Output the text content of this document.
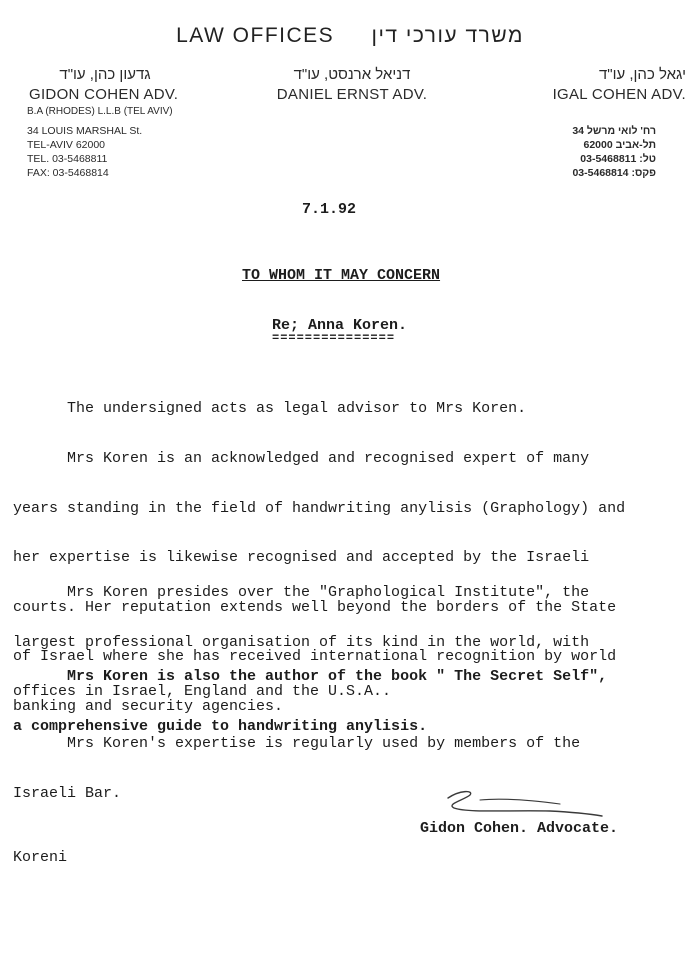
LAW OFFICES משרד עורכי דין
גדעון כהן, עו"ד
GIDON COHEN ADV.
B.A (RHODES) L.L.B (TEL AVIV)
34 LOUIS MARSHAL St.
TEL-AVIV 62000
TEL. 03-5468811
FAX: 03-5468814
דניאל ארנסט, עו"ד
DANIEL ERNST ADV.
יגאל כהן, עו"ד
IGAL COHEN ADV.
רח' לואי מרשל 34
תל-אביב 62000
טל: 03-5468811
פקס: 03-5468814
7.1.92
TO WHOM IT MAY CONCERN
Re; Anna Koren.
===============

The undersigned acts as legal advisor to Mrs Koren.

Mrs Koren is an acknowledged and recognised expert of many

years standing in the field of handwriting anylisis (Graphology) and

her expertise is likewise recognised and accepted by the Israeli

courts. Her reputation extends well beyond the borders of the State

of Israel where she has received international recognition by world

banking and security agencies.

Mrs Koren presides over the "Graphological Institute", the

largest professional organisation of its kind in the world, with

offices in Israel, England and the U.S.A..

Mrs Koren is also the author of the book " The Secret Self",

a comprehensive guide to handwriting anylisis.

Mrs Koren's expertise is regularly used by members of the

Israeli Bar.

Gidon Cohen. Advocate.
Koreni
